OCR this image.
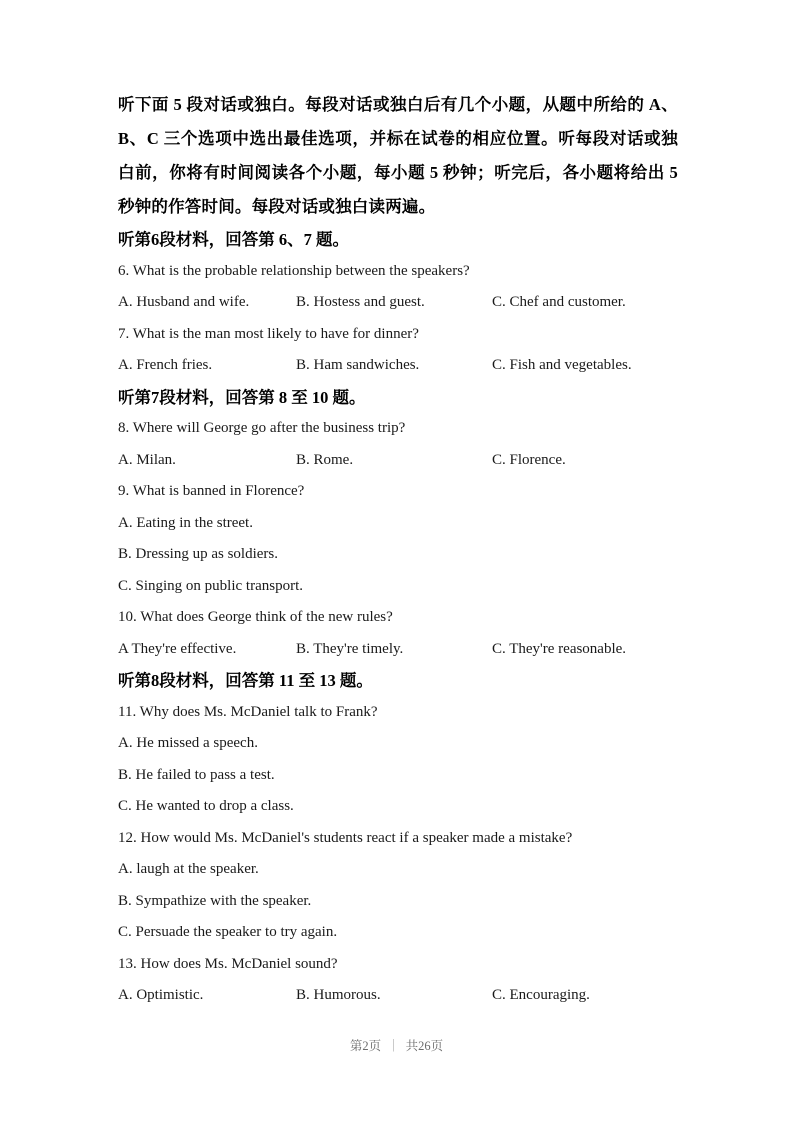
听下面 5 段对话或独白。每段对话或独白后有几个小题，从题中所给的 A、B、C 三个选项中选出最佳选项，并标在试卷的相应位置。听每段对话或独白前，你将有时间阅读各个小题，每小题 5 秒钟；听完后，各小题将给出 5 秒钟的作答时间。每段对话或独白读两遍。
听第6段材料，回答第 6、7 题。
6. What is the probable relationship between the speakers?
A. Husband and wife.	B. Hostess and guest.	C. Chef and customer.
7. What is the man most likely to have for dinner?
A. French fries.	B. Ham sandwiches.	C. Fish and vegetables.
听第7段材料，回答第 8 至 10 题。
8. Where will George go after the business trip?
A. Milan.	B. Rome.	C. Florence.
9. What is banned in Florence?
A. Eating in the street.
B. Dressing up as soldiers.
C. Singing on public transport.
10. What does George think of the new rules?
A They're effective.	B. They're timely.	C. They're reasonable.
听第8段材料，回答第 11 至 13 题。
11. Why does Ms. McDaniel talk to Frank?
A. He missed a speech.
B. He failed to pass a test.
C. He wanted to drop a class.
12. How would Ms. McDaniel's students react if a speaker made a mistake?
A. laugh at the speaker.
B. Sympathize with the speaker.
C. Persuade the speaker to try again.
13. How does Ms. McDaniel sound?
A. Optimistic.	B. Humorous.	C. Encouraging.
第2页 ｜ 共26页
